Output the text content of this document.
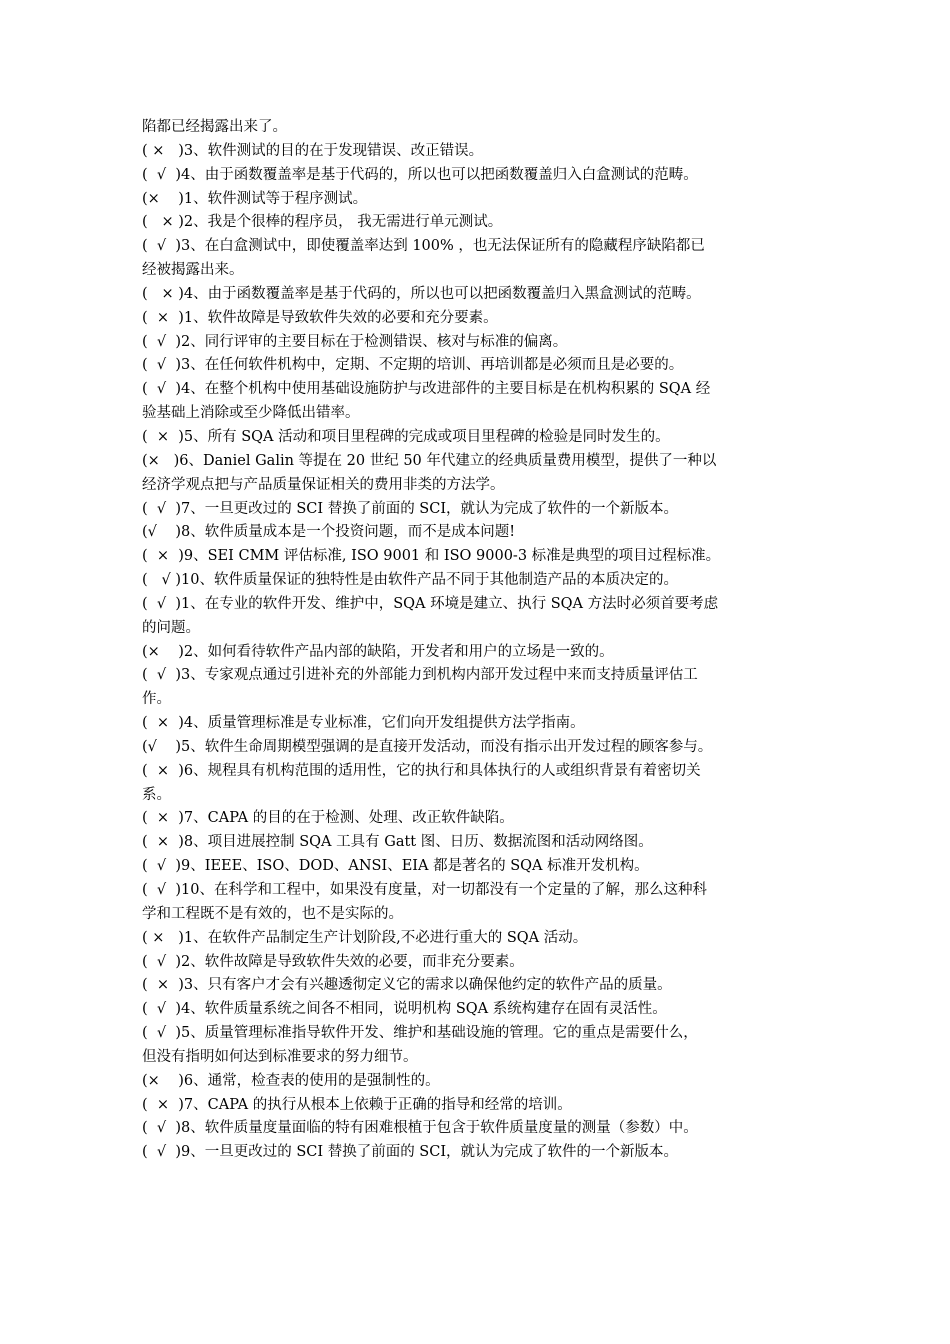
陷都已经揭露出来了。
( ×   )3、软件测试的目的在于发现错误、改正错误。
(  √  )4、由于函数覆盖率是基于代码的，所以也可以把函数覆盖归入白盒测试的范畴。
(×    )1、软件测试等于程序测试。
(   × )2、我是个很棒的程序员， 我无需进行单元测试。
(  √  )3、在白盒测试中，即使覆盖率达到 100% ，也无法保证所有的隐藏程序缺陷都已
经被揭露出来。
(   × )4、由于函数覆盖率是基于代码的，所以也可以把函数覆盖归入黑盒测试的范畴。
(  ×  )1、软件故障是导致软件失效的必要和充分要素。
(  √  )2、同行评审的主要目标在于检测错误、核对与标准的偏离。
(  √  )3、在任何软件机构中，定期、不定期的培训、再培训都是必须而且是必要的。
(  √  )4、在整个机构中使用基础设施防护与改进部件的主要目标是在机构积累的 SQA 经
验基础上消除或至少降低出错率。
(  ×  )5、所有 SQA 活动和项目里程碑的完成或项目里程碑的检验是同时发生的。
(×   )6、Daniel Galin 等提在 20 世纪 50 年代建立的经典质量费用模型，提供了一种以
经济学观点把与产品质量保证相关的费用非类的方法学。
(  √  )7、一旦更改过的 SCI 替换了前面的 SCI，就认为完成了软件的一个新版本。
(√    )8、软件质量成本是一个投资问题，而不是成本问题!
(  ×  )9、SEI CMM 评估标准, ISO 9001 和 ISO 9000-3 标准是典型的项目过程标准。
(   √ )10、软件质量保证的独特性是由软件产品不同于其他制造产品的本质决定的。
(  √  )1、在专业的软件开发、维护中，SQA 环境是建立、执行 SQA 方法时必须首要考虑
的问题。
(×    )2、如何看待软件产品内部的缺陷，开发者和用户的立场是一致的。
(  √  )3、专家观点通过引进补充的外部能力到机构内部开发过程中来而支持质量评估工
作。
(  ×  )4、质量管理标准是专业标准，它们向开发组提供方法学指南。
(√    )5、软件生命周期模型强调的是直接开发活动，而没有指示出开发过程的顾客参与。
(  ×  )6、规程具有机构范围的适用性，它的执行和具体执行的人或组织背景有着密切关
系。
(  ×  )7、CAPA 的目的在于检测、处理、改正软件缺陷。
(  ×  )8、项目进展控制 SQA 工具有 Gatt 图、日历、数据流图和活动网络图。
(  √  )9、IEEE、ISO、DOD、ANSI、EIA 都是著名的 SQA 标准开发机构。
(  √  )10、在科学和工程中，如果没有度量，对一切都没有一个定量的了解，那么这种科
学和工程既不是有效的，也不是实际的。
( ×   )1、在软件产品制定生产计划阶段,不必进行重大的 SQA 活动。
(  √  )2、软件故障是导致软件失效的必要，而非充分要素。
(  ×  )3、只有客户才会有兴趣透彻定义它的需求以确保他约定的软件产品的质量。
(  √  )4、软件质量系统之间各不相同，说明机构 SQA 系统构建存在固有灵活性。
(  √  )5、质量管理标准指导软件开发、维护和基础设施的管理。它的重点是需要什么，
但没有指明如何达到标准要求的努力细节。
(×    )6、通常，检查表的使用的是强制性的。
(  ×  )7、CAPA 的执行从根本上依赖于正确的指导和经常的培训。
(  √  )8、软件质量度量面临的特有困难根植于包含于软件质量度量的测量（参数）中。
(  √  )9、一旦更改过的 SCI 替换了前面的 SCI，就认为完成了软件的一个新版本。
